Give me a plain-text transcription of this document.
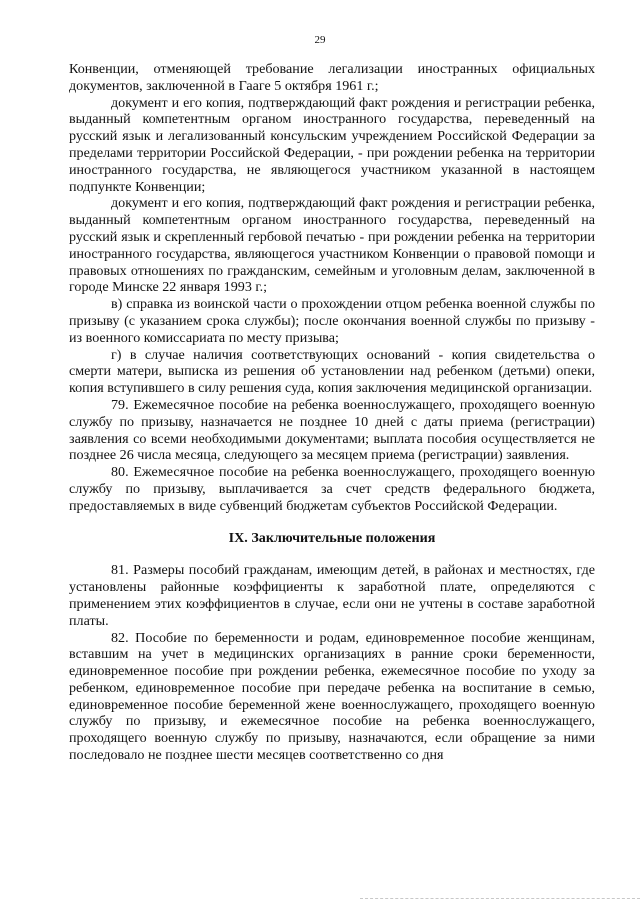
29

Конвенции, отменяющей требование легализации иностранных официальных документов, заключенной в Гааге 5 октября 1961 г.;

документ и его копия, подтверждающий факт рождения и регистрации ребенка, выданный компетентным органом иностранного государства, переведенный на русский язык и легализованный консульским учреждением Российской Федерации за пределами территории Российской Федерации, - при рождении ребенка на территории иностранного государства, не являющегося участником указанной в настоящем подпункте Конвенции;

документ и его копия, подтверждающий факт рождения и регистрации ребенка, выданный компетентным органом иностранного государства, переведенный на русский язык и скрепленный гербовой печатью - при рождении ребенка на территории иностранного государства, являющегося участником Конвенции о правовой помощи и правовых отношениях по гражданским, семейным и уголовным делам, заключенной в городе Минске 22 января 1993 г.;

в) справка из воинской части о прохождении отцом ребенка военной службы по призыву (с указанием срока службы); после окончания военной службы по призыву - из военного комиссариата по месту призыва;

г) в случае наличия соответствующих оснований - копия свидетельства о смерти матери, выписка из решения об установлении над ребенком (детьми) опеки, копия вступившего в силу решения суда, копия заключения медицинской организации.

79. Ежемесячное пособие на ребенка военнослужащего, проходящего военную службу по призыву, назначается не позднее 10 дней с даты приема (регистрации) заявления со всеми необходимыми документами; выплата пособия осуществляется не позднее 26 числа месяца, следующего за месяцем приема (регистрации) заявления.

80. Ежемесячное пособие на ребенка военнослужащего, проходящего военную службу по призыву, выплачивается за счет средств федерального бюджета, предоставляемых в виде субвенций бюджетам субъектов Российской Федерации.

IX. Заключительные положения

81. Размеры пособий гражданам, имеющим детей, в районах и местностях, где установлены районные коэффициенты к заработной плате, определяются с применением этих коэффициентов в случае, если они не учтены в составе заработной платы.

82. Пособие по беременности и родам, единовременное пособие женщинам, вставшим на учет в медицинских организациях в ранние сроки беременности, единовременное пособие при рождении ребенка, ежемесячное пособие по уходу за ребенком, единовременное пособие при передаче ребенка на воспитание в семью, единовременное пособие беременной жене военнослужащего, проходящего военную службу по призыву, и ежемесячное пособие на ребенка военнослужащего, проходящего военную службу по призыву, назначаются, если обращение за ними последовало не позднее шести месяцев соответственно со дня
